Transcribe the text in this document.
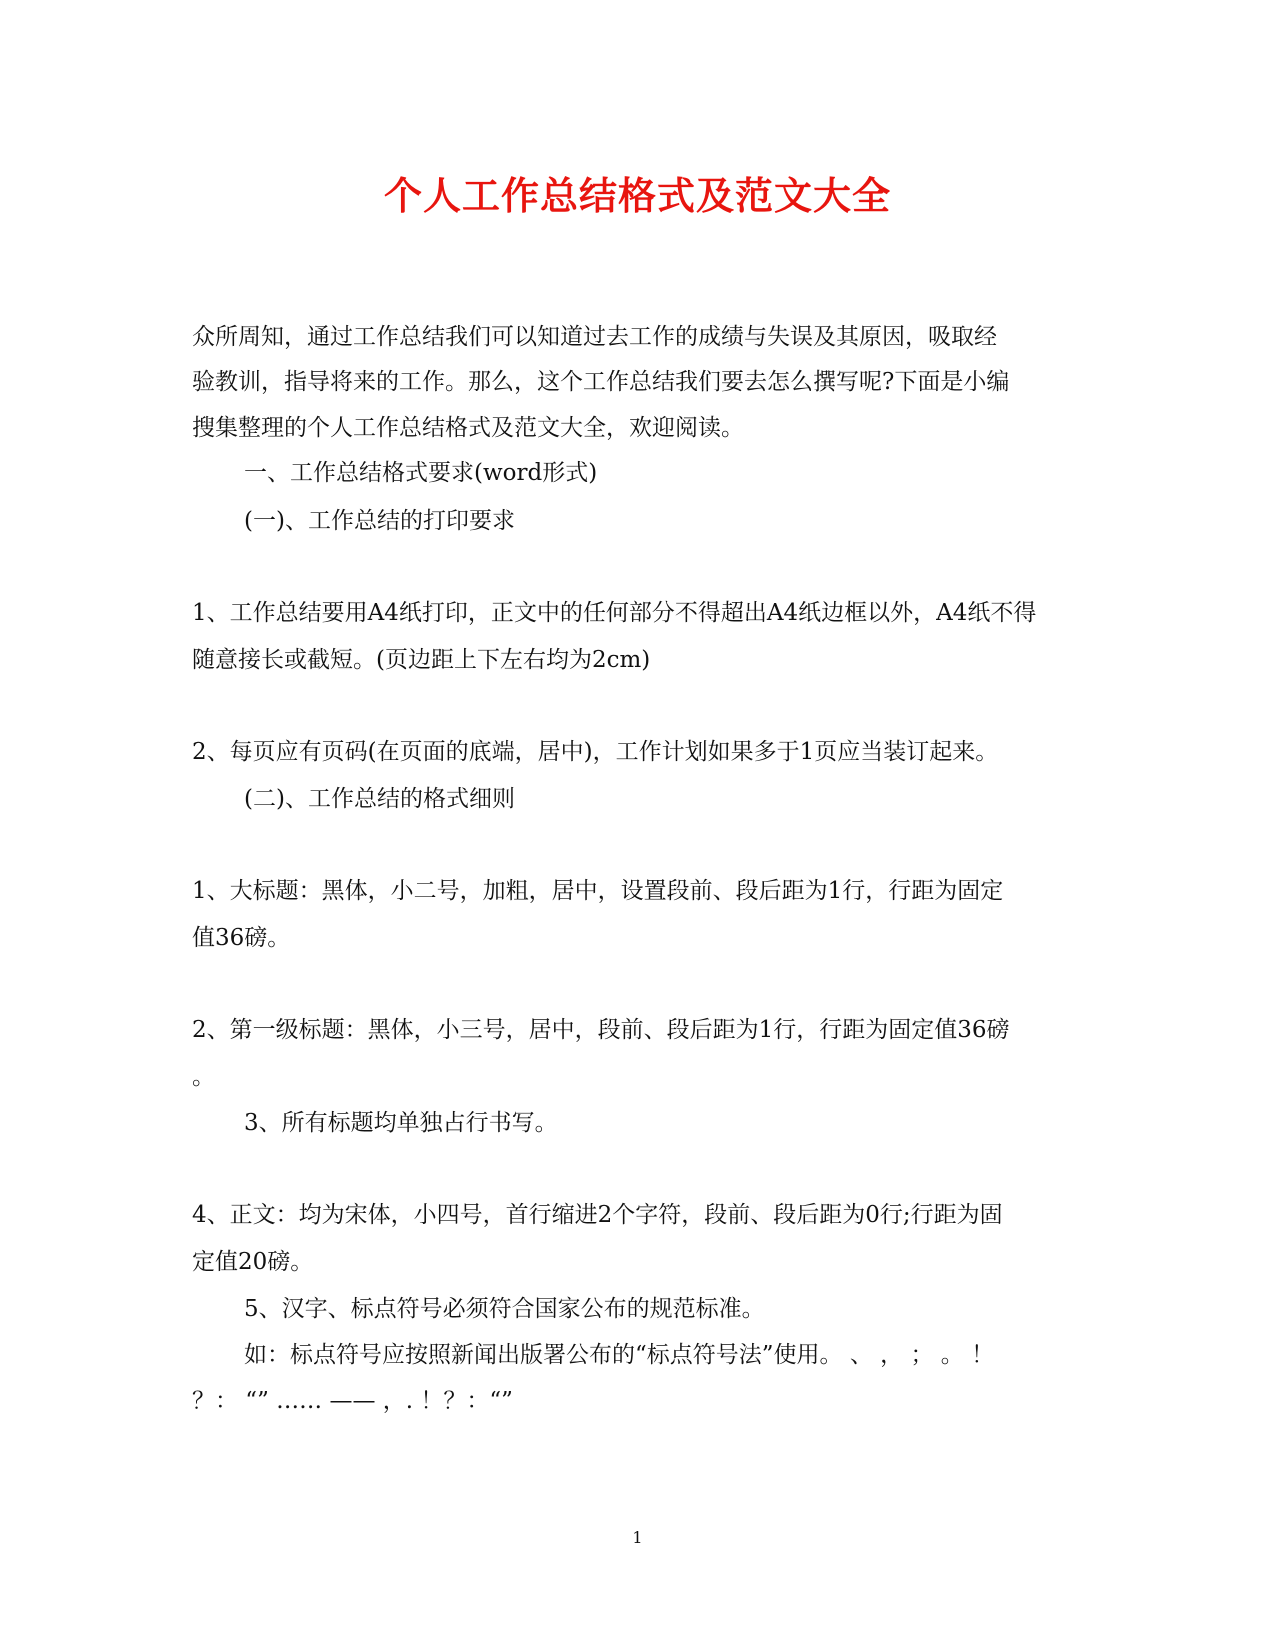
个人工作总结格式及范文大全
众所周知，通过工作总结我们可以知道过去工作的成绩与失误及其原因，吸取经
验教训，指导将来的工作。那么，这个工作总结我们要去怎么撰写呢?下面是小编
搜集整理的个人工作总结格式及范文大全，欢迎阅读。
一、工作总结格式要求(word形式)
(一)、工作总结的打印要求
1、工作总结要用A4纸打印，正文中的任何部分不得超出A4纸边框以外，A4纸不得
随意接长或截短。(页边距上下左右均为2cm)
2、每页应有页码(在页面的底端，居中)，工作计划如果多于1页应当装订起来。
(二)、工作总结的格式细则
1、大标题：黑体，小二号，加粗，居中，设置段前、段后距为1行，行距为固定
值36磅。
2、第一级标题：黑体，小三号，居中，段前、段后距为1行，行距为固定值36磅
。
3、所有标题均单独占行书写。
4、正文：均为宋体，小四号，首行缩进2个字符，段前、段后距为0行;行距为固
定值20磅。
5、汉字、标点符号必须符合国家公布的规范标准。
如：标点符号应按照新闻出版署公布的“标点符号法”使用。 、 ， ； 。 ！
？： “” …… —— ，. ！？：“”
1
